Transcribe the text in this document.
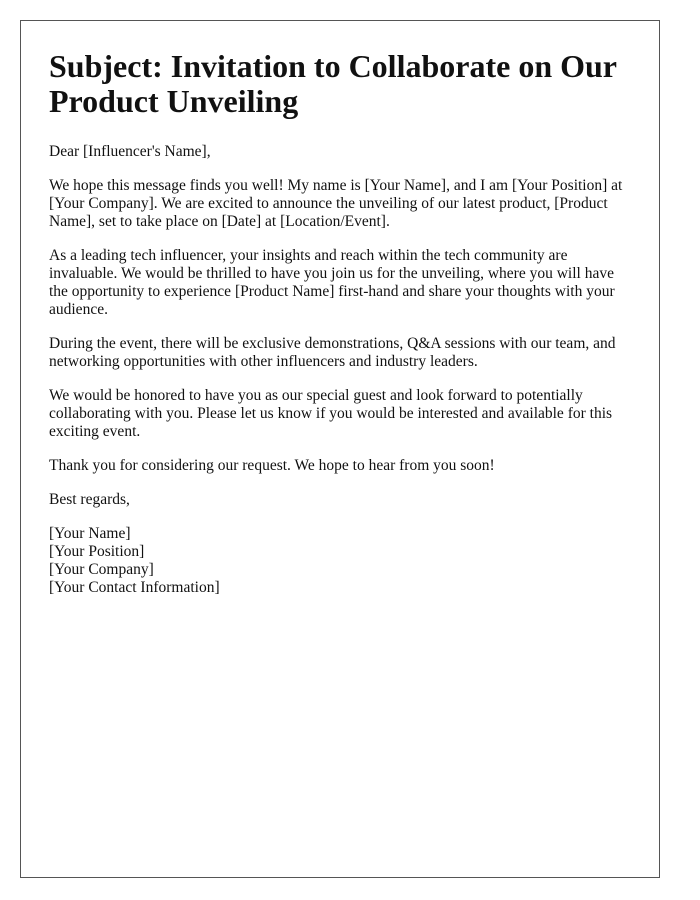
Subject: Invitation to Collaborate on Our Product Unveiling

Dear [Influencer's Name],

We hope this message finds you well! My name is [Your Name], and I am [Your Position] at [Your Company]. We are excited to announce the unveiling of our latest product, [Product Name], set to take place on [Date] at [Location/Event].

As a leading tech influencer, your insights and reach within the tech community are invaluable. We would be thrilled to have you join us for the unveiling, where you will have the opportunity to experience [Product Name] first-hand and share your thoughts with your audience.

During the event, there will be exclusive demonstrations, Q&A sessions with our team, and networking opportunities with other influencers and industry leaders.

We would be honored to have you as our special guest and look forward to potentially collaborating with you. Please let us know if you would be interested and available for this exciting event.

Thank you for considering our request. We hope to hear from you soon!

Best regards,

[Your Name]
[Your Position]
[Your Company]
[Your Contact Information]
